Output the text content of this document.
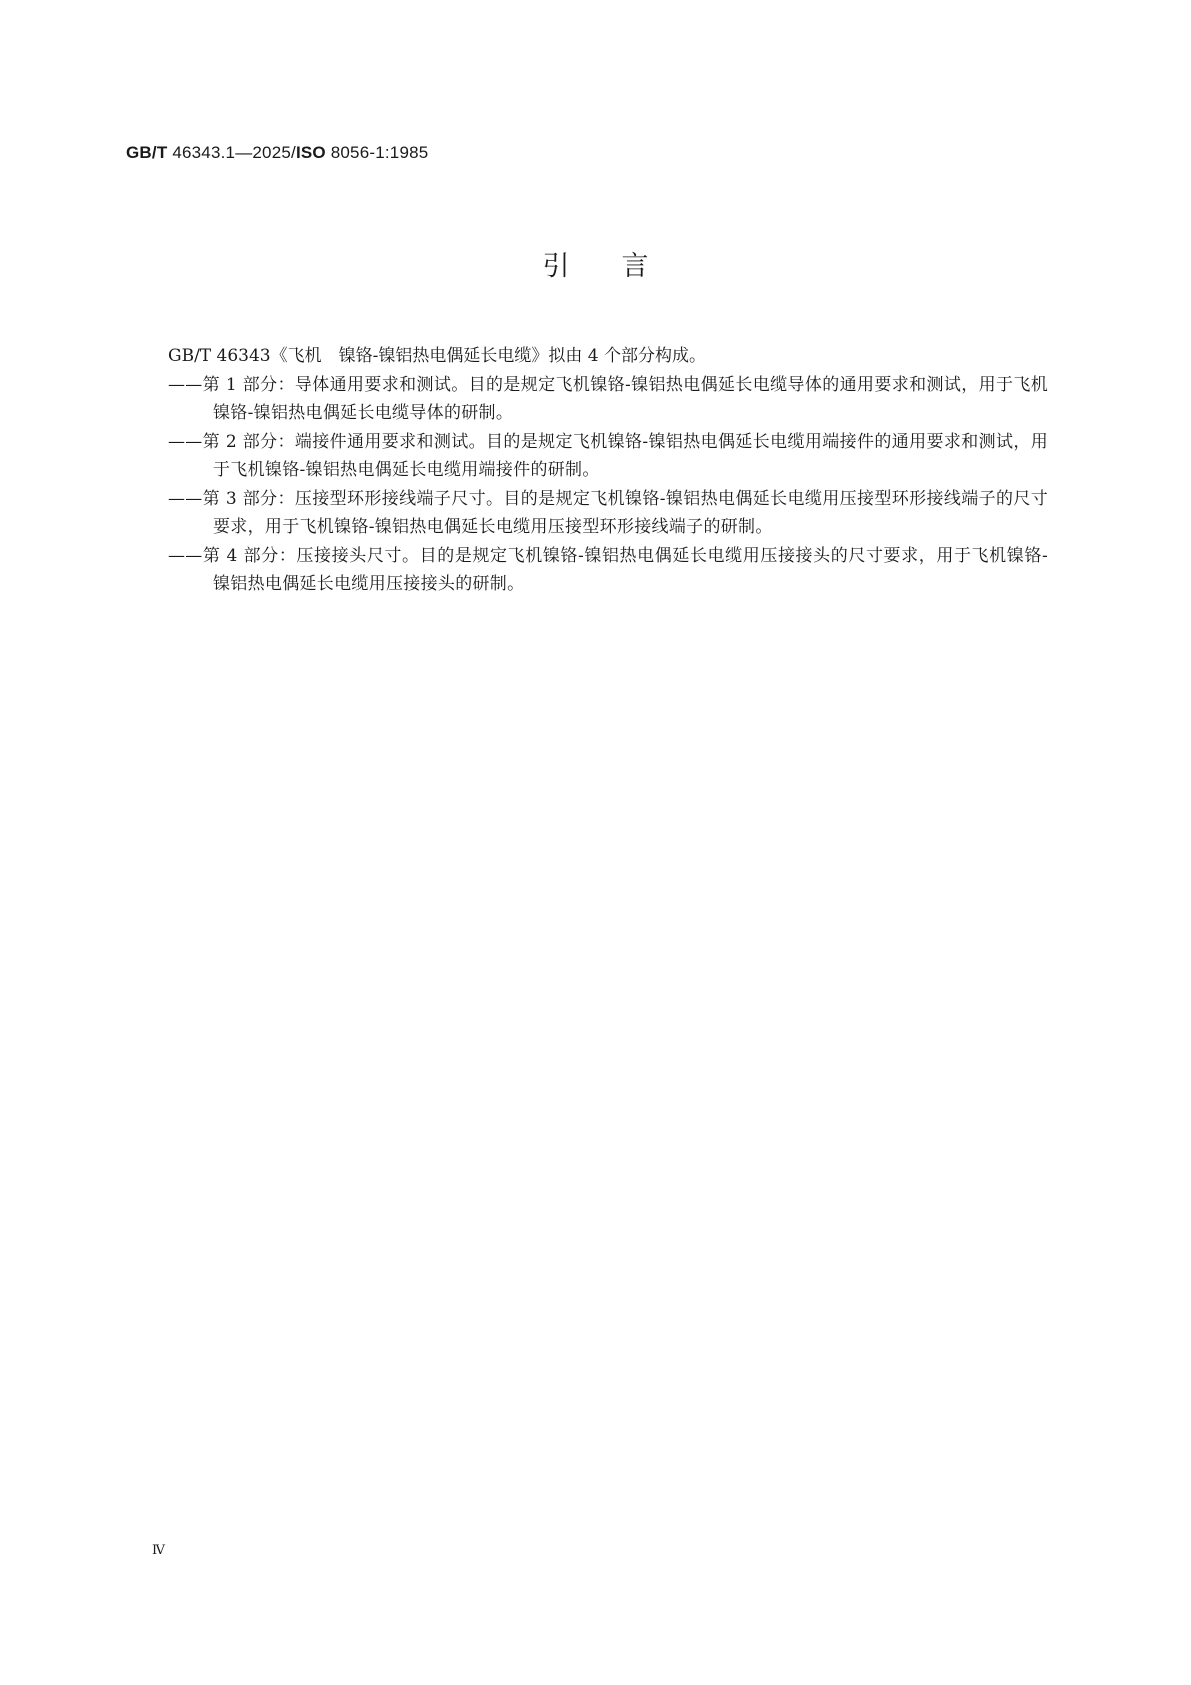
GB/T 46343.1—2025/ISO 8056-1:1985
引言

GB/T 46343《飞机　镍铬-镍铝热电偶延长电缆》拟由 4 个部分构成。

——第 1 部分：导体通用要求和测试。目的是规定飞机镍铬-镍铝热电偶延长电缆导体的通用要求和测试，用于飞机镍铬-镍铝热电偶延长电缆导体的研制。
——第 2 部分：端接件通用要求和测试。目的是规定飞机镍铬-镍铝热电偶延长电缆用端接件的通用要求和测试，用于飞机镍铬-镍铝热电偶延长电缆用端接件的研制。
——第 3 部分：压接型环形接线端子尺寸。目的是规定飞机镍铬-镍铝热电偶延长电缆用压接型环形接线端子的尺寸要求，用于飞机镍铬-镍铝热电偶延长电缆用压接型环形接线端子的研制。
——第 4 部分：压接接头尺寸。目的是规定飞机镍铬-镍铝热电偶延长电缆用压接接头的尺寸要求，用于飞机镍铬-镍铝热电偶延长电缆用压接接头的研制。
Ⅳ
